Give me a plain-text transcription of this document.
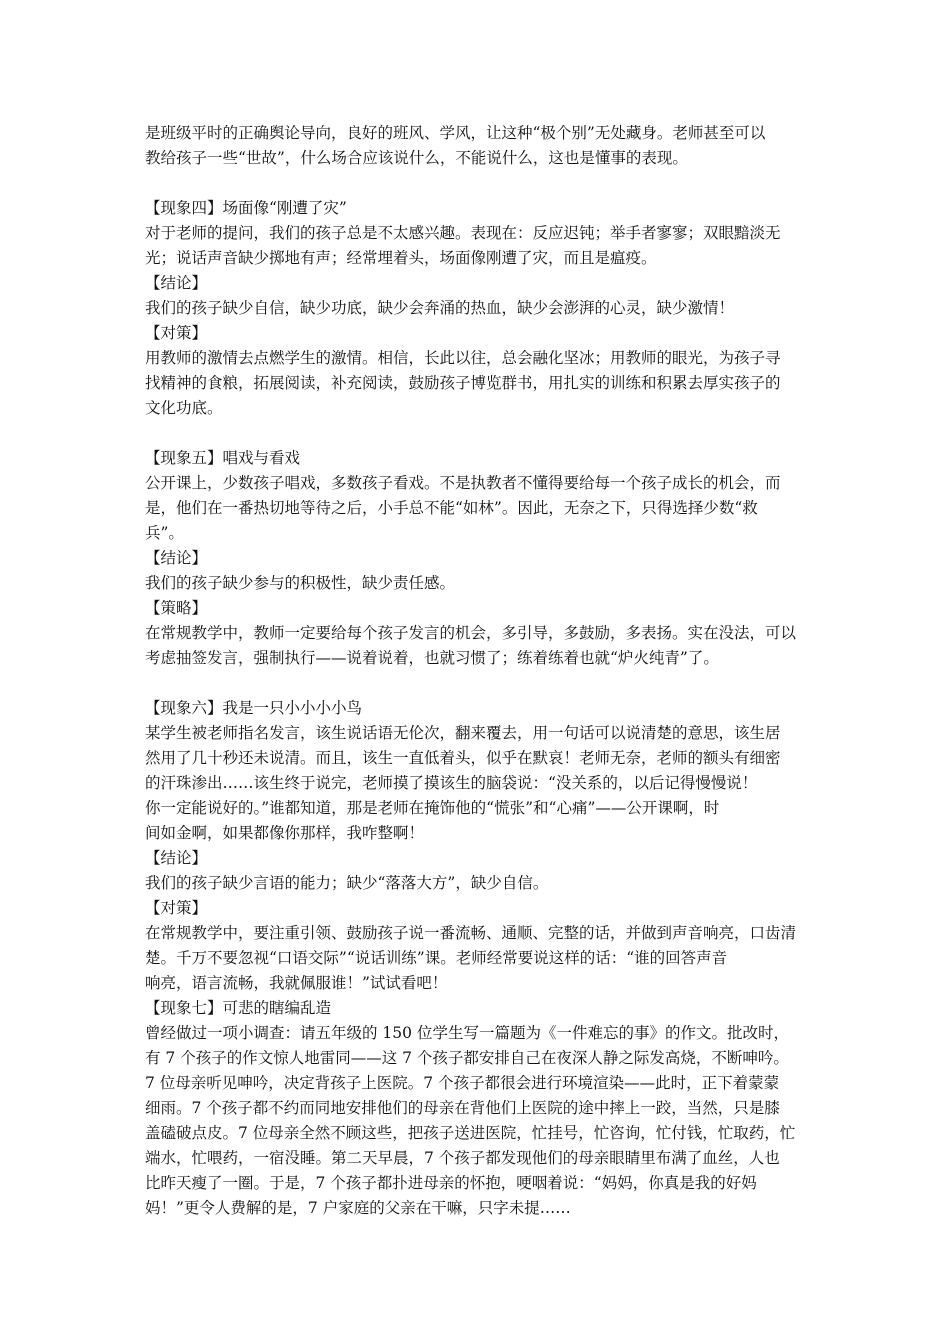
是班级平时的正确舆论导向，良好的班风、学风，让这种“极个别”无处藏身。老师甚至可以
教给孩子一些“世故”，什么场合应该说什么，不能说什么，这也是懂事的表现。
【现象四】场面像“刚遭了灾”
对于老师的提问，我们的孩子总是不太感兴趣。表现在：反应迟钝；举手者寥寥；双眼黯淡无
光；说话声音缺少掷地有声；经常埋着头，场面像刚遭了灾，而且是瘟疫。
【结论】
我们的孩子缺少自信，缺少功底，缺少会奔涌的热血，缺少会澎湃的心灵，缺少激情！
【对策】
用教师的激情去点燃学生的激情。相信，长此以往，总会融化坚冰；用教师的眼光，为孩子寻
找精神的食粮，拓展阅读，补充阅读，鼓励孩子博览群书，用扎实的训练和积累去厚实孩子的
文化功底。
【现象五】唱戏与看戏
公开课上，少数孩子唱戏，多数孩子看戏。不是执教者不懂得要给每一个孩子成长的机会，而
是，他们在一番热切地等待之后，小手总不能“如林”。因此，无奈之下，只得选择少数“救
兵”。
【结论】
我们的孩子缺少参与的积极性，缺少责任感。
【策略】
在常规教学中，教师一定要给每个孩子发言的机会，多引导，多鼓励，多表扬。实在没法，可以
考虑抽签发言，强制执行——说着说着，也就习惯了；练着练着也就“炉火纯青”了。
【现象六】我是一只小小小小鸟
某学生被老师指名发言，该生说话语无伦次，翻来覆去，用一句话可以说清楚的意思，该生居
然用了几十秒还未说清。而且，该生一直低着头，似乎在默哀！老师无奈，老师的额头有细密
的汗珠渗出……该生终于说完，老师摸了摸该生的脑袋说：“没关系的，以后记得慢慢说！
你一定能说好的。”谁都知道，那是老师在掩饰他的“慌张”和“心痛”——公开课啊，时
间如金啊，如果都像你那样，我咋整啊！
【结论】
我们的孩子缺少言语的能力；缺少“落落大方”，缺少自信。
【对策】
在常规教学中，要注重引领、鼓励孩子说一番流畅、通顺、完整的话，并做到声音响亮，口齿清
楚。千万不要忽视“口语交际”“说话训练”课。老师经常要说这样的话：“谁的回答声音
响亮，语言流畅，我就佩服谁！”试试看吧！
【现象七】可悲的瞎编乱造
曾经做过一项小调查：请五年级的 150 位学生写一篇题为《一件难忘的事》的作文。批改时，
有 7 个孩子的作文惊人地雷同——这 7 个孩子都安排自己在夜深人静之际发高烧，不断呻吟。
7 位母亲听见呻吟，决定背孩子上医院。7 个孩子都很会进行环境渲染——此时，正下着蒙蒙
细雨。7 个孩子都不约而同地安排他们的母亲在背他们上医院的途中摔上一跤，当然，只是膝
盖磕破点皮。7 位母亲全然不顾这些，把孩子送进医院，忙挂号，忙咨询，忙付钱，忙取药，忙
端水，忙喂药，一宿没睡。第二天早晨，7 个孩子都发现他们的母亲眼睛里布满了血丝，人也
比昨天瘦了一圈。于是，7 个孩子都扑进母亲的怀抱，哽咽着说：“妈妈，你真是我的好妈
妈！”更令人费解的是，7 户家庭的父亲在干嘛，只字未提……
